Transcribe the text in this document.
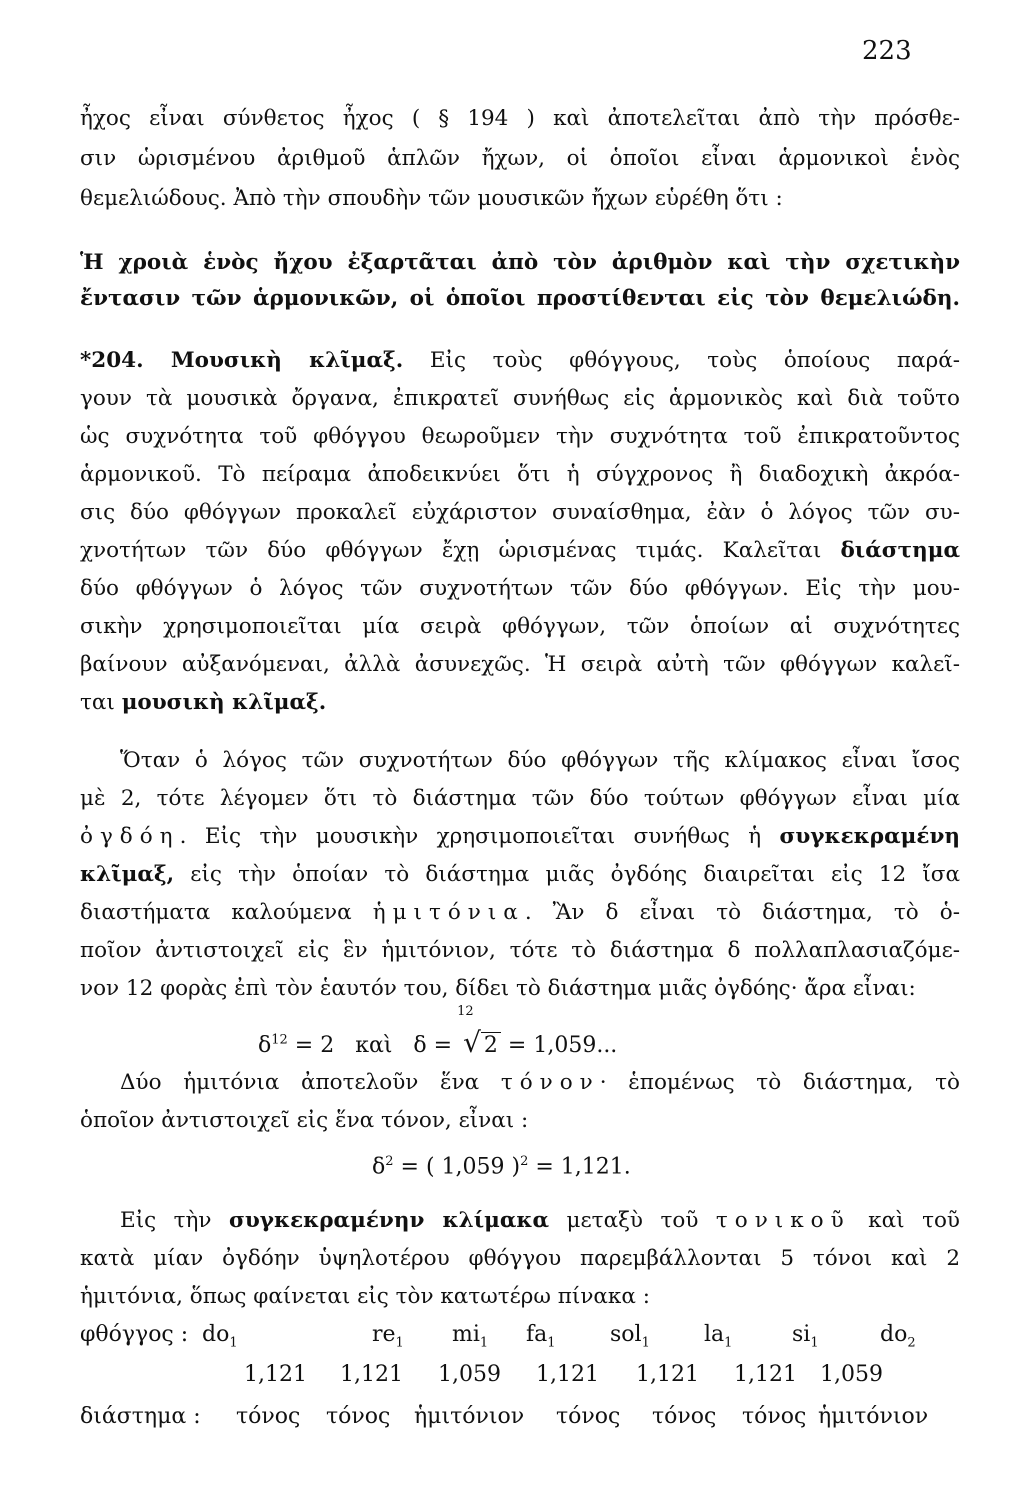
223
ἦχος εἶναι σύνθετος ἦχος ( § 194 ) καὶ ἀποτελεῖται ἀπὸ τὴν πρόσθε-
σιν ὡρισμένου ἀριθμοῦ ἁπλῶν ἤχων, οἱ ὁποῖοι εἶναι ἁρμονικοὶ ἑνὸς
θεμελιώδους. Ἀπὸ τὴν σπουδὴν τῶν μουσικῶν ἤχων εὑρέθη ὅτι :
Ἡ χροιὰ ἑνὸς ἤχου ἐξαρτᾶται ἀπὸ τὸν ἀριθμὸν καὶ τὴν σχετικὴν
ἔντασιν τῶν ἁρμονικῶν, οἱ ὁποῖοι προστίθενται εἰς τὸν θεμελιώδη.
*204. Μουσικὴ κλῖμαξ. Εἰς τοὺς φθόγγους, τοὺς ὁποίους παρά-
γουν τὰ μουσικὰ ὄργανα, ἐπικρατεῖ συνήθως εἰς ἁρμονικὸς καὶ διὰ τοῦτο
ὡς συχνότητα τοῦ φθόγγου θεωροῦμεν τὴν συχνότητα τοῦ ἐπικρατοῦντος
ἁρμονικοῦ. Τὸ πείραμα ἀποδεικνύει ὅτι ἡ σύγχρονος ἢ διαδοχικὴ ἀκρόα-
σις δύο φθόγγων προκαλεῖ εὐχάριστον συναίσθημα, ἐὰν ὁ λόγος τῶν συ-
χνοτήτων τῶν δύο φθόγγων ἔχῃ ὡρισμένας τιμάς. Καλεῖται διάστημα
δύο φθόγγων ὁ λόγος τῶν συχνοτήτων τῶν δύο φθόγγων. Εἰς τὴν μου-
σικὴν χρησιμοποιεῖται μία σειρὰ φθόγγων, τῶν ὁποίων αἱ συχνότητες
βαίνουν αὐξανόμεναι, ἀλλὰ ἀσυνεχῶς. Ἡ σειρὰ αὐτὴ τῶν φθόγγων καλεῖ-
ται μουσικὴ κλῖμαξ.
Ὅταν ὁ λόγος τῶν συχνοτήτων δύο φθόγγων τῆς κλίμακος εἶναι ἴσος
μὲ 2, τότε λέγομεν ὅτι τὸ διάστημα τῶν δύο τούτων φθόγγων εἶναι μία
ὀγδόη. Εἰς τὴν μουσικὴν χρησιμοποιεῖται συνήθως ἡ συγκεκραμένη
κλῖμαξ, εἰς τὴν ὁποίαν τὸ διάστημα μιᾶς ὀγδόης διαιρεῖται εἰς 12 ἴσα
διαστήματα καλούμενα ἡμιτόνια. Ἂν δ εἶναι τὸ διάστημα, τὸ ὁ-
ποῖον ἀντιστοιχεῖ εἰς ἓν ἡμιτόνιον, τότε τὸ διάστημα δ πολλαπλασιαζόμε-
νον 12 φορὰς ἐπὶ τὸν ἑαυτόν του, δίδει τὸ διάστημα μιᾶς ὀγδόης· ἄρα εἶναι:
$\delta^{12} = 2$   καὶ   δ =
12
√ 2 = 1,059...
Δύο ἡμιτόνια ἀποτελοῦν ἕνα τόνον· ἑπομένως τὸ διάστημα, τὸ
ὁποῖον ἀντιστοιχεῖ εἰς ἕνα τόνον, εἶναι :
$\delta^2$ = ( 1,059 )$^2$ = 1,121.
Εἰς τὴν συγκεκραμένην κλίμακα μεταξὺ τοῦ τονικοῦ καὶ τοῦ
κατὰ μίαν ὀγδόην ὑψηλοτέρου φθόγγου παρεμβάλλονται 5 τόνοι καὶ 2
ἡμιτόνια, ὅπως φαίνεται εἰς τὸν κατωτέρω πίνακα :
φθόγγος : $do_1$	$re_1$ $mi_1$ $fa_1$ sol$_1$ $la_1$	$si_1$	$do_2$
1,121 1,121 1,059 1,121 1,121 1,121 1,059
διάστημα : τόνος τόνος ἡμιτόνιον τόνος τόνος τόνος ἡμιτόνιον
